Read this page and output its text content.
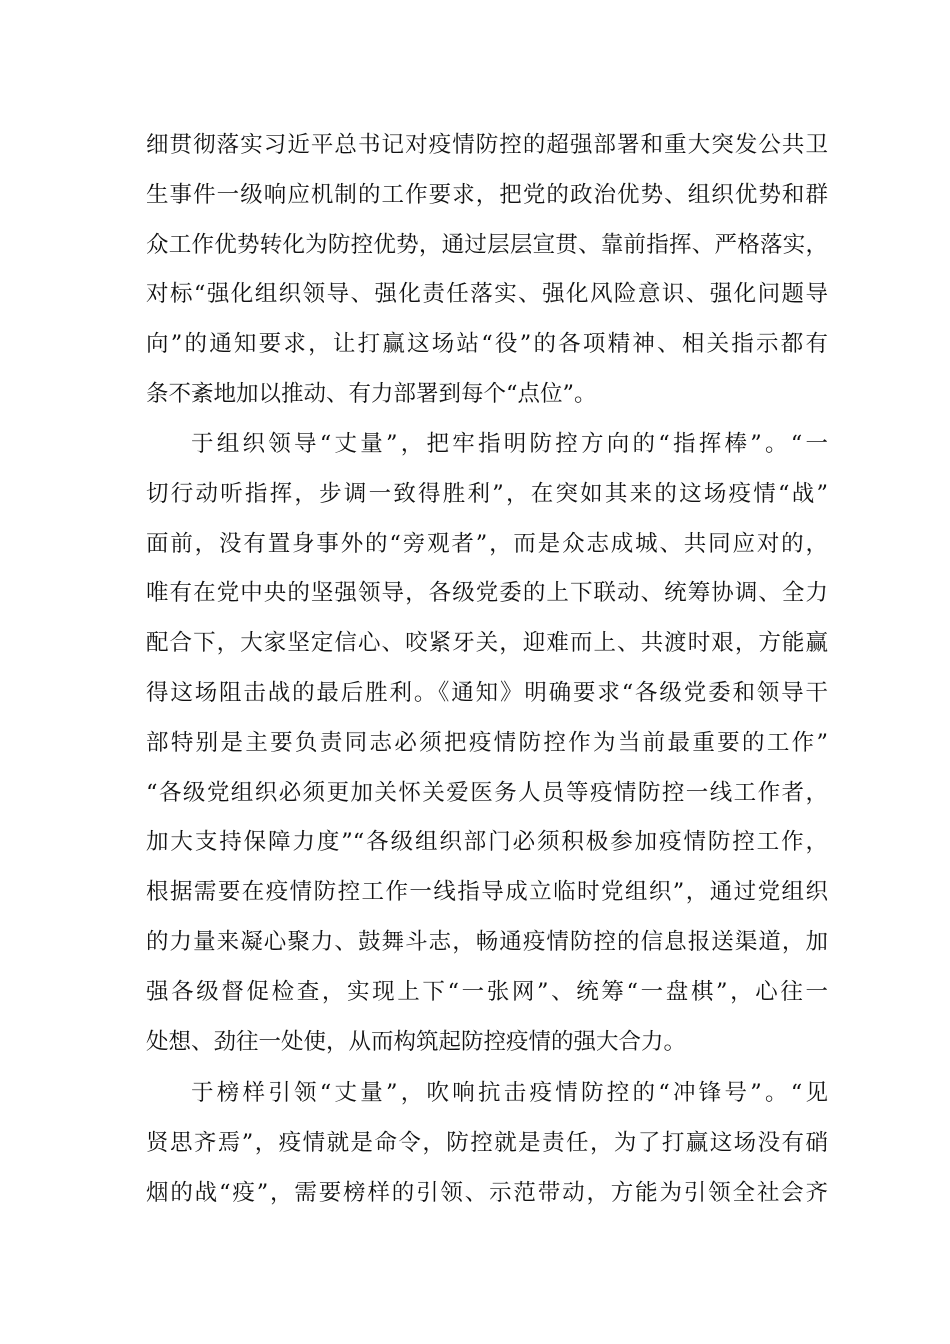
细贯彻落实习近平总书记对疫情防控的超强部署和重大突发公共卫
生事件一级响应机制的工作要求，把党的政治优势、组织优势和群
众工作优势转化为防控优势，通过层层宣贯、靠前指挥、严格落实，
对标“强化组织领导、强化责任落实、强化风险意识、强化问题导
向”的通知要求，让打赢这场站“役”的各项精神、相关指示都有
条不紊地加以推动、有力部署到每个“点位”。
于组织领导“丈量”，把牢指明防控方向的“指挥棒”。“一
切行动听指挥，步调一致得胜利”，在突如其来的这场疫情“战”
面前，没有置身事外的“旁观者”，而是众志成城、共同应对的，
唯有在党中央的坚强领导，各级党委的上下联动、统筹协调、全力
配合下，大家坚定信心、咬紧牙关，迎难而上、共渡时艰，方能赢
得这场阻击战的最后胜利。《通知》明确要求“各级党委和领导干
部特别是主要负责同志必须把疫情防控作为当前最重要的工作”
“各级党组织必须更加关怀关爱医务人员等疫情防控一线工作者，
加大支持保障力度”“各级组织部门必须积极参加疫情防控工作，
根据需要在疫情防控工作一线指导成立临时党组织”，通过党组织
的力量来凝心聚力、鼓舞斗志，畅通疫情防控的信息报送渠道，加
强各级督促检查，实现上下“一张网”、统筹“一盘棋”，心往一
处想、劲往一处使，从而构筑起防控疫情的强大合力。
于榜样引领“丈量”，吹响抗击疫情防控的“冲锋号”。“见
贤思齐焉”，疫情就是命令，防控就是责任，为了打赢这场没有硝
烟的战“疫”，需要榜样的引领、示范带动，方能为引领全社会齐
